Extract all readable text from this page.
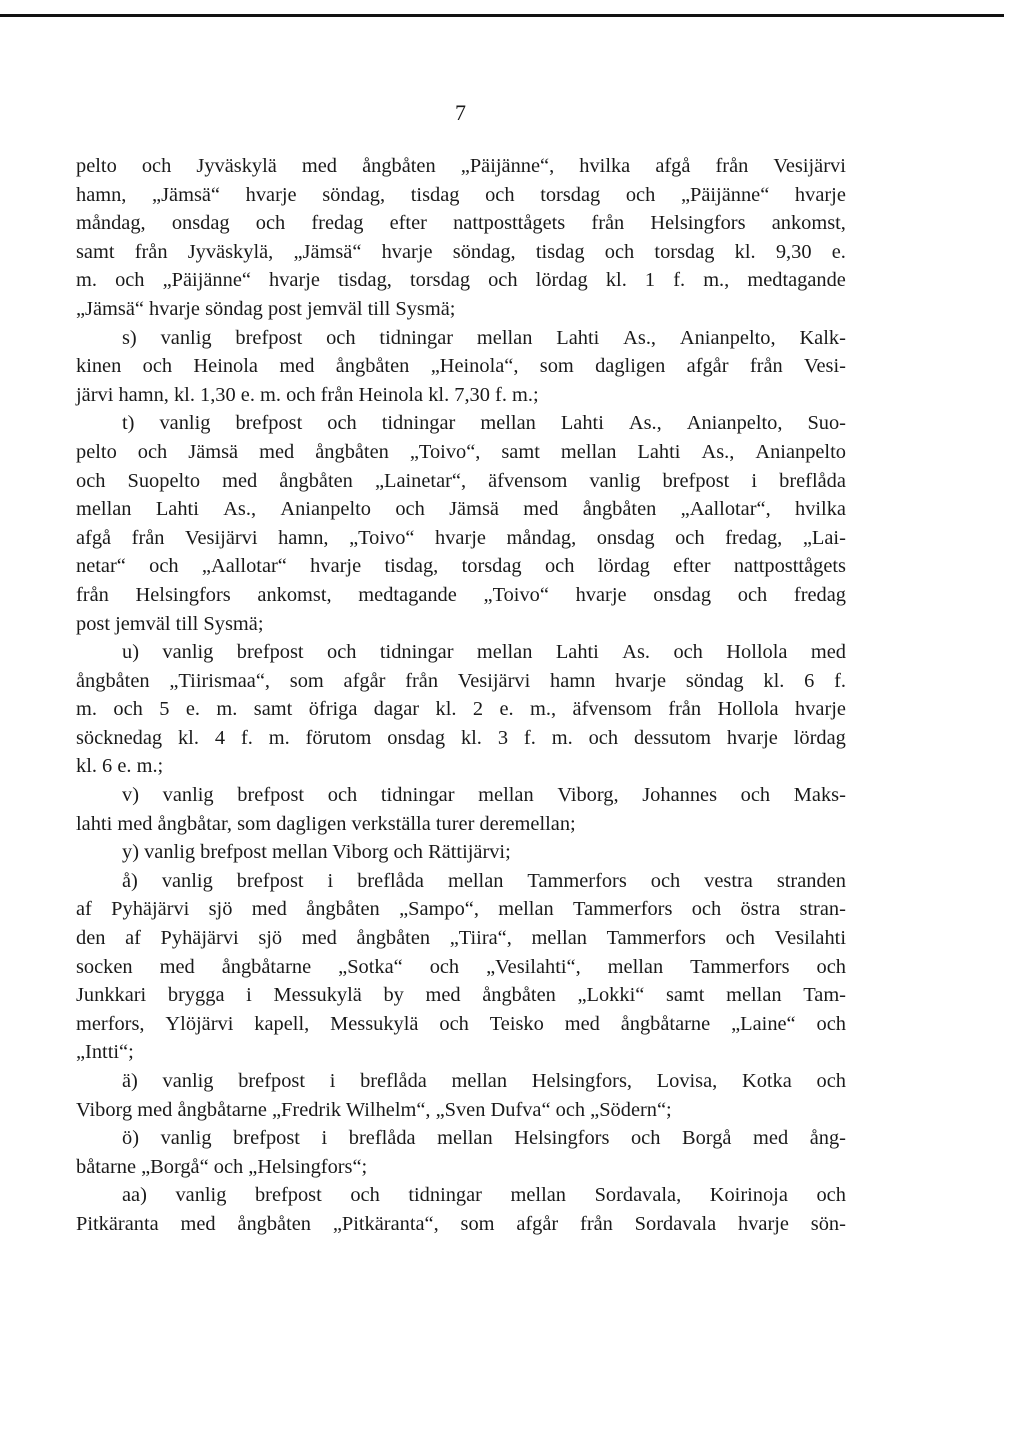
7
pelto och Jyväskylä med ångbåten „Päijänne“, hvilka afgå från Vesijärvi
hamn, „Jämsä“ hvarje söndag, tisdag och torsdag och „Päijänne“ hvarje
måndag, onsdag och fredag efter nattposttågets från Helsingfors ankomst,
samt från Jyväskylä, „Jämsä“ hvarje söndag, tisdag och torsdag kl. 9,30 e.
m. och „Päijänne“ hvarje tisdag, torsdag och lördag kl. 1 f. m., medtagande
„Jämsä“ hvarje söndag post jemväl till Sysmä;
s) vanlig brefpost och tidningar mellan Lahti As., Anianpelto, Kalk-
kinen och Heinola med ångbåten „Heinola“, som dagligen afgår från Vesi-
järvi hamn, kl. 1,30 e. m. och från Heinola kl. 7,30 f. m.;
t) vanlig brefpost och tidningar mellan Lahti As., Anianpelto, Suo-
pelto och Jämsä med ångbåten „Toivo“, samt mellan Lahti As., Anianpelto
och Suopelto med ångbåten „Lainetar“, äfvensom vanlig brefpost i breflåda
mellan Lahti As., Anianpelto och Jämsä med ångbåten „Aallotar“, hvilka
afgå från Vesijärvi hamn, „Toivo“ hvarje måndag, onsdag och fredag, „Lai-
netar“ och „Aallotar“ hvarje tisdag, torsdag och lördag efter nattposttågets
från Helsingfors ankomst, medtagande „Toivo“ hvarje onsdag och fredag
post jemväl till Sysmä;
u) vanlig brefpost och tidningar mellan Lahti As. och Hollola med
ångbåten „Tiirismaa“, som afgår från Vesijärvi hamn hvarje söndag kl. 6 f.
m. och 5 e. m. samt öfriga dagar kl. 2 e. m., äfvensom från Hollola hvarje
söcknedag kl. 4 f. m. förutom onsdag kl. 3 f. m. och dessutom hvarje lördag
kl. 6 e. m.;
v) vanlig brefpost och tidningar mellan Viborg, Johannes och Maks-
lahti med ångbåtar, som dagligen verkställa turer deremellan;
y) vanlig brefpost mellan Viborg och Rättijärvi;
å) vanlig brefpost i breflåda mellan Tammerfors och vestra stranden
af Pyhäjärvi sjö med ångbåten „Sampo“, mellan Tammerfors och östra stran-
den af Pyhäjärvi sjö med ångbåten „Tiira“, mellan Tammerfors och Vesilahti
socken med ångbåtarne „Sotka“ och „Vesilahti“, mellan Tammerfors och
Junkkari brygga i Messukylä by med ångbåten „Lokki“ samt mellan Tam-
merfors, Ylöjärvi kapell, Messukylä och Teisko med ångbåtarne „Laine“ och
„Intti“;
ä) vanlig brefpost i breflåda mellan Helsingfors, Lovisa, Kotka och
Viborg med ångbåtarne „Fredrik Wilhelm“, „Sven Dufva“ och „Södern“;
ö) vanlig brefpost i breflåda mellan Helsingfors och Borgå med ång-
båtarne „Borgå“ och „Helsingfors“;
aa) vanlig brefpost och tidningar mellan Sordavala, Koirinoja och
Pitkäranta med ångbåten „Pitkäranta“, som afgår från Sordavala hvarje sön-
